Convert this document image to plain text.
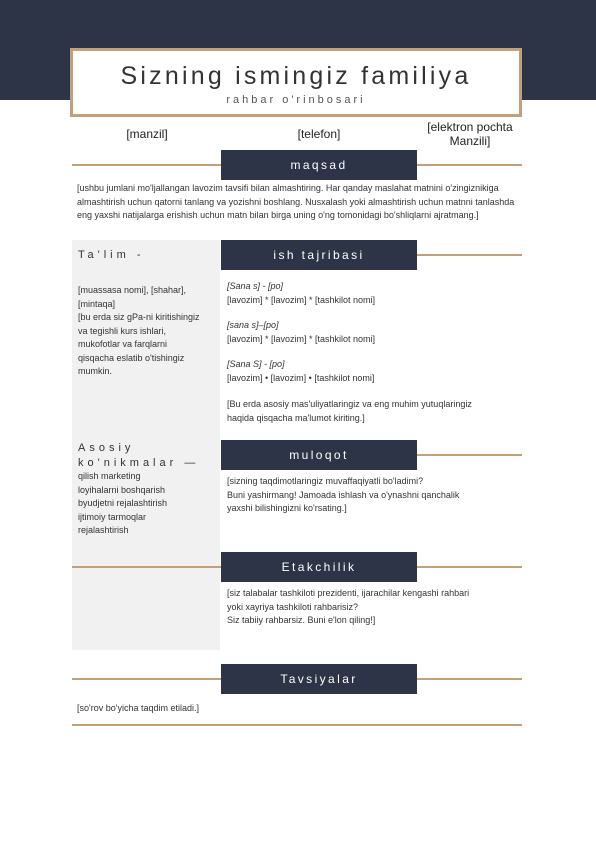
Sizning ismingiz familiya
rahbar o'rinbosari
[manzil]	[telefon]	[elektron pochta
Manzili]
maqsad
[ushbu jumlani mo'ljallangan lavozim tavsifi bilan almashtiring. Har qanday maslahat matnini o'zingiznikiga almashtirish uchun qatorni tanlang va yozishni boshlang. Nusxalash yoki almashtirish uchun matnni tanlashda eng yaxshi natijalarga erishish uchun matn bilan birga uning o'ng tomonidagi bo'shliqlarni ajratmang.]
ish tajribasi
Ta'lim -
[muassasa nomi], [shahar],
[mintaqa]
[bu erda siz gPa-ni kiritishingiz
va tegishli kurs ishlari,
mukofotlar va farqlarni
qisqacha eslatib o'tishingiz
mumkin.
[Sana s] - [po]
[lavozim] * [lavozim] * [tashkilot nomi]
[sana s]–[po]
[lavozim] * [lavozim] * [tashkilot nomi]
[Sana S] - [po]
[lavozim] • [lavozim] • [tashkilot nomi]
[Bu erda asosiy mas'uliyatlaringiz va eng muhim yutuqlaringiz
haqida qisqacha ma'lumot kiriting.]
muloqot
Asosiy
ko'nikmalar —
qilish marketing
loyihalarni boshqarish
byudjetni rejalashtirish
ijtimoiy tarmoqlar
rejalashtirish
[sizning taqdimotlaringiz muvaffaqiyatli bo'ladimi?
Buni yashirmang! Jamoada ishlash va o'ynashni qanchalik
yaxshi bilishingizni ko'rsating.]
Etakchilik
[siz talabalar tashkiloti prezidenti, ijarachilar kengashi rahbari
yoki xayriya tashkiloti rahbarisiz?
Siz tabiiy rahbarsiz. Buni e'lon qiling!]
Tavsiyalar
[so'rov bo'yicha taqdim etiladi.]
